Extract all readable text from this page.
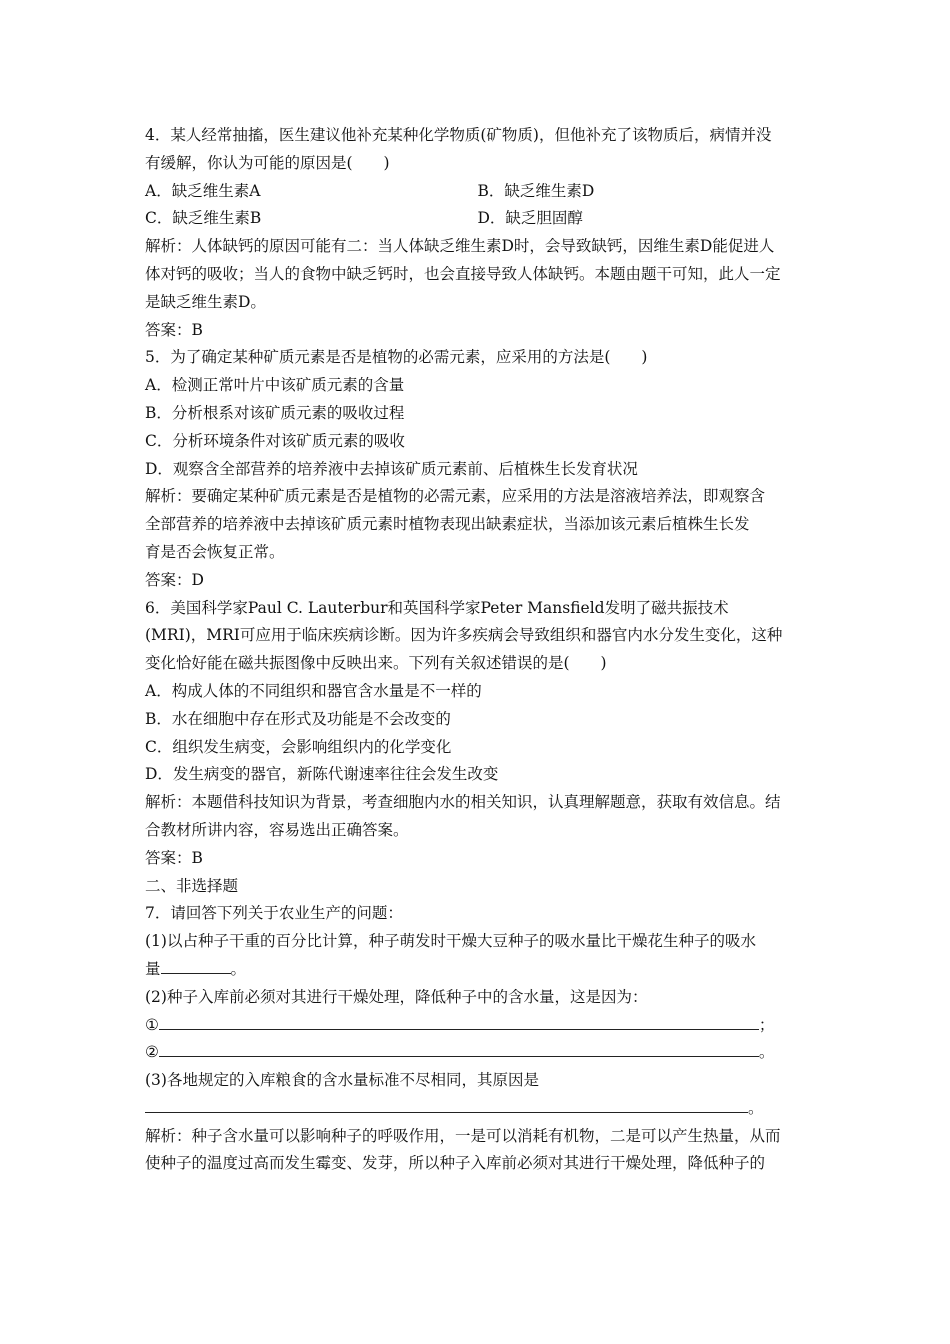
4．某人经常抽搐，医生建议他补充某种化学物质(矿物质)，但他补充了该物质后，病情并没
有缓解，你认为可能的原因是(　　)
A．缺乏维生素A	B．缺乏维生素D
C．缺乏维生素B	D．缺乏胆固醇
解析：人体缺钙的原因可能有二：当人体缺乏维生素D时，会导致缺钙，因维生素D能促进人
体对钙的吸收；当人的食物中缺乏钙时，也会直接导致人体缺钙。本题由题干可知，此人一定
是缺乏维生素D。
答案：B
5．为了确定某种矿质元素是否是植物的必需元素，应采用的方法是(　　)
A．检测正常叶片中该矿质元素的含量
B．分析根系对该矿质元素的吸收过程
C．分析环境条件对该矿质元素的吸收
D．观察含全部营养的培养液中去掉该矿质元素前、后植株生长发育状况
解析：要确定某种矿质元素是否是植物的必需元素，应采用的方法是溶液培养法，即观察含
全部营养的培养液中去掉该矿质元素时植物表现出缺素症状，当添加该元素后植株生长发
育是否会恢复正常。
答案：D
6．美国科学家Paul C. Lauterbur和英国科学家Peter Mansfield发明了磁共振技术
(MRI)，MRI可应用于临床疾病诊断。因为许多疾病会导致组织和器官内水分发生变化，这种
变化恰好能在磁共振图像中反映出来。下列有关叙述错误的是(　　)
A．构成人体的不同组织和器官含水量是不一样的
B．水在细胞中存在形式及功能是不会改变的
C．组织发生病变，会影响组织内的化学变化
D．发生病变的器官，新陈代谢速率往往会发生改变
解析：本题借科技知识为背景，考查细胞内水的相关知识，认真理解题意，获取有效信息。结
合教材所讲内容，容易选出正确答案。
答案：B
二、非选择题
7．请回答下列关于农业生产的问题：
(1)以占种子干重的百分比计算，种子萌发时干燥大豆种子的吸水量比干燥花生种子的吸水
量	。
(2)种子入库前必须对其进行干燥处理，降低种子中的含水量，这是因为：
①	；
②	。
(3)各地规定的入库粮食的含水量标准不尽相同，其原因是
。
解析：种子含水量可以影响种子的呼吸作用，一是可以消耗有机物，二是可以产生热量，从而
使种子的温度过高而发生霉变、发芽，所以种子入库前必须对其进行干燥处理，降低种子的
